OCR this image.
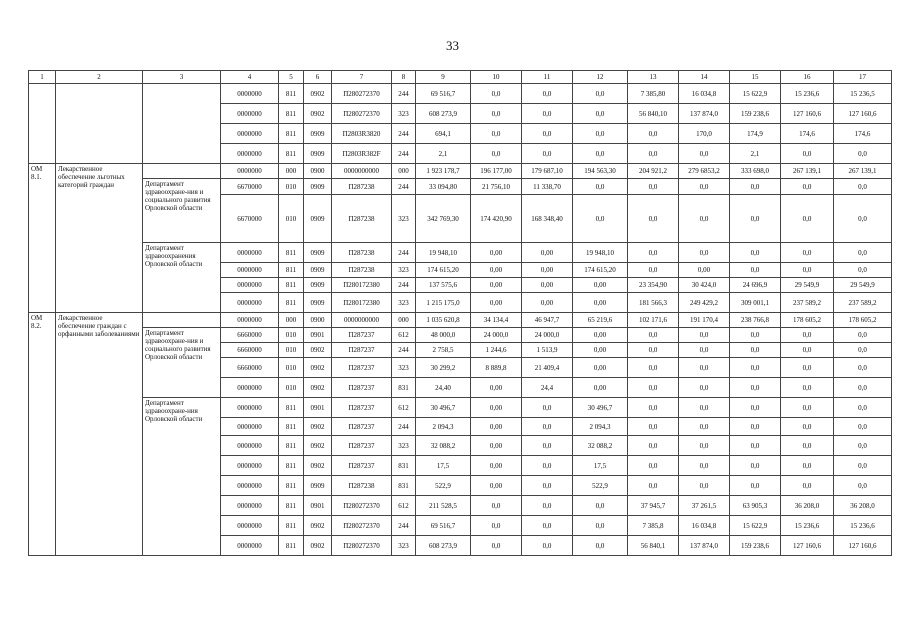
33
1	2	3	4	5	6	7	8	9	10	11	12	13	14	15	16	17
			0000000	811	0902	П280272370	244	69 516,7	0,0	0,0	0,0	7 385,80	16 034,8	15 622,9	15 236,6	15 236,5
			0000000	811	0902	П280272370	323	608 273,9	0,0	0,0	0,0	56 840,10	137 874,0	159 238,6	127 160,6	127 160,6
			0000000	811	0909	П2803R3820	244	694,1	0,0	0,0	0,0	0,0	170,0	174,9	174,6	174,6
			0000000	811	0909	П2803R382F	244	2,1	0,0	0,0	0,0	0,0	0,0	2,1	0,0	0,0
ОМ 8.1.	Лекарственное обеспечение льготных категорий граждан		0000000	000	0900	0000000000	000	1 923 178,7	196 177,00	179 687,10	194 563,30	204 921,2	279 6853,2	333 698,0	267 139,1	267 139,1
		Департамент здравоохране-ния и социального развития Орловской области	6670000	010	0909	П287238	244	33 094,80	21 756,10	11 338,70	0,0	0,0	0,0	0,0	0,0	0,0
			6670000	010	0909	П287238	323	342 769,30	174 420,90	168 348,40	0,0	0,0	0,0	0,0	0,0	0,0
		Департамент здравоохранения Орловской области	0000000	811	0909	П287238	244	19 948,10	0,00	0,00	19 948,10	0,0	0,0	0,0	0,0	0,0
			0000000	811	0909	П287238	323	174 615,20	0,00	0,00	174 615,20	0,0	0,00	0,0	0,0	0,0
			0000000	811	0909	П280172380	244	137 575,6	0,00	0,00	0,00	23 354,90	30 424,0	24 696,9	29 549,9	29 549,9
			0000000	811	0909	П280172380	323	1 215 175,0	0,00	0,00	0,00	181 566,3	249 429,2	309 001,1	237 589,2	237 589,2
ОМ 8.2.	Лекарственное обеспечение граждан с орфанными заболеваниями		0000000	000	0900	0000000000	000	1 035 620,8	34 134,4	46 947,7	65 219,6	102 171,6	191 170,4	238 766,8	178 605,2	178 605,2
		Департамент здравоохране-ния и социального развития Орловской области	6660000	010	0901	П287237	612	48 000,0	24 000,0	24 000,0	0,00	0,0	0,0	0,0	0,0	0,0
			6660000	010	0902	П287237	244	2 758,5	1 244,6	1 513,9	0,00	0,0	0,0	0,0	0,0	0,0
			6660000	010	0902	П287237	323	30 299,2	8 889,8	21 409,4	0,00	0,0	0,0	0,0	0,0	0,0
			0000000	010	0902	П287237	831	24,40	0,00	24,4	0,00	0,0	0,0	0,0	0,0	0,0
		Департамент здравоохране-ния Орловской области	0000000	811	0901	П287237	612	30 496,7	0,00	0,0	30 496,7	0,0	0,0	0,0	0,0	0,0
			0000000	811	0902	П287237	244	2 094,3	0,00	0,0	2 094,3	0,0	0,0	0,0	0,0	0,0
			0000000	811	0902	П287237	323	32 088,2	0,00	0,0	32 088,2	0,0	0,0	0,0	0,0	0,0
			0000000	811	0902	П287237	831	17,5	0,00	0,0	17,5	0,0	0,0	0,0	0,0	0,0
			0000000	811	0909	П287238	831	522,9	0,00	0,0	522,9	0,0	0,0	0,0	0,0	0,0
			0000000	811	0901	П280272370	612	211 528,5	0,0	0,0	0,0	37 945,7	37 261,5	63 905,3	36 208,0	36 208,0
			0000000	811	0902	П280272370	244	69 516,7	0,0	0,0	0,0	7 385,8	16 034,8	15 622,9	15 236,6	15 236,6
			0000000	811	0902	П280272370	323	608 273,9	0,0	0,0	0,0	56 840,1	137 874,0	159 238,6	127 160,6	127 160,6
